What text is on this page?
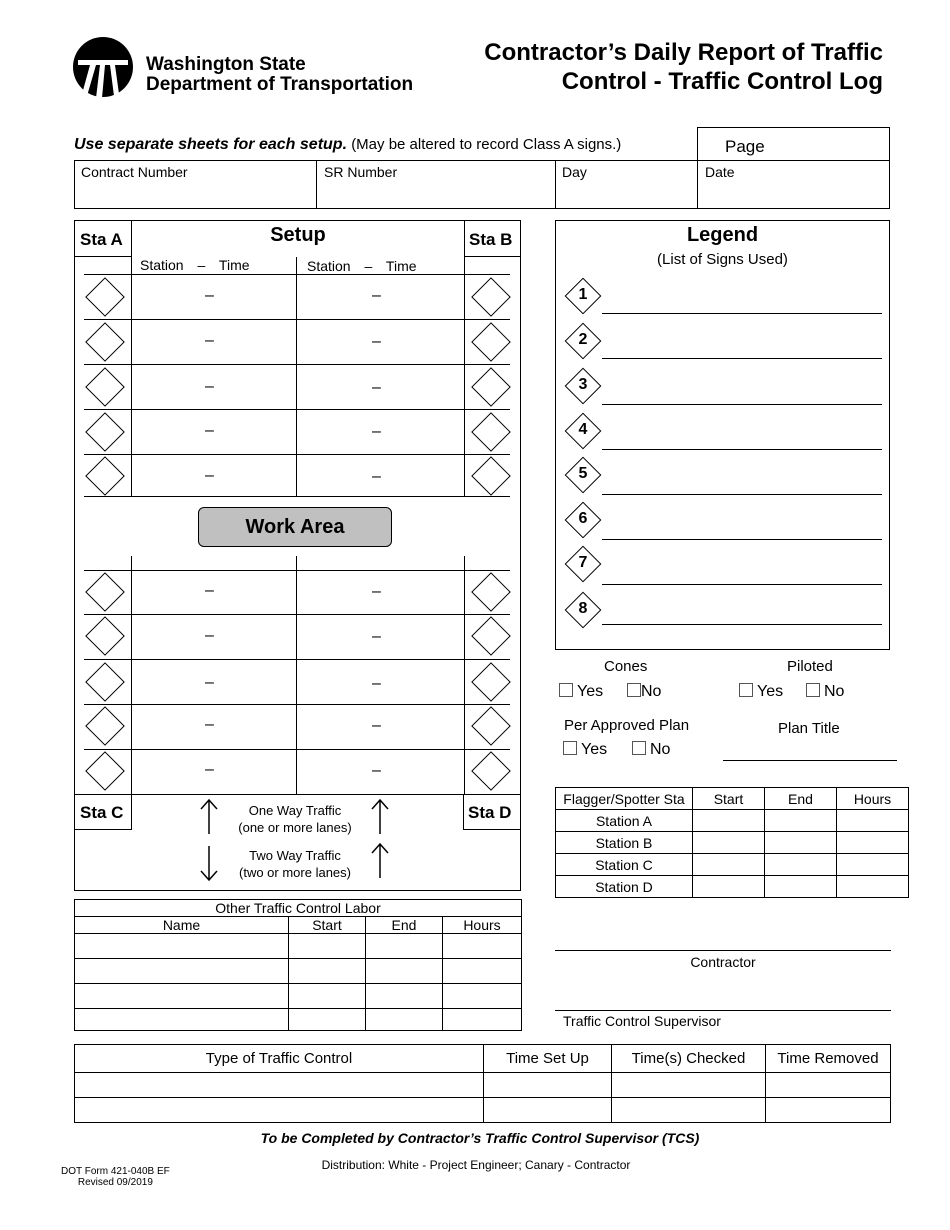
Washington State
Department of Transportation
Contractor’s Daily Report of Traffic
Control - Traffic Control Log
Use separate sheets for each setup. (May be altered to record Class A signs.)	Page
Contract Number	SR Number	Day	Date
Sta A	Sta B
Setup
Station – Time	Station – Time
–	–
–	–
–	–
–	–
–	–
Work Area
–	–
–	–
–	–
–	–
–	–
Sta C	Sta D
One Way Traffic
(one or more lanes)
Two Way Traffic
(two or more lanes)
Legend
(List of Signs Used)
1
2
3
4
5
6
7
8
Cones	Piloted
Yes	No	Yes	No
Per Approved Plan	Plan Title
Yes	No
Flagger/Spotter Sta	Start	End	Hours
Station A			
Station B			
Station C			
Station D			
Other Traffic Control Labor			
Name	Start	End	Hours

Contractor
Traffic Control Supervisor
Type of Traffic Control	Time Set Up	Time(s) Checked	Time Removed

To be Completed by Contractor’s Traffic Control Supervisor (TCS)
Distribution: White - Project Engineer; Canary - Contractor
DOT Form 421-040B EF
Revised 09/2019
